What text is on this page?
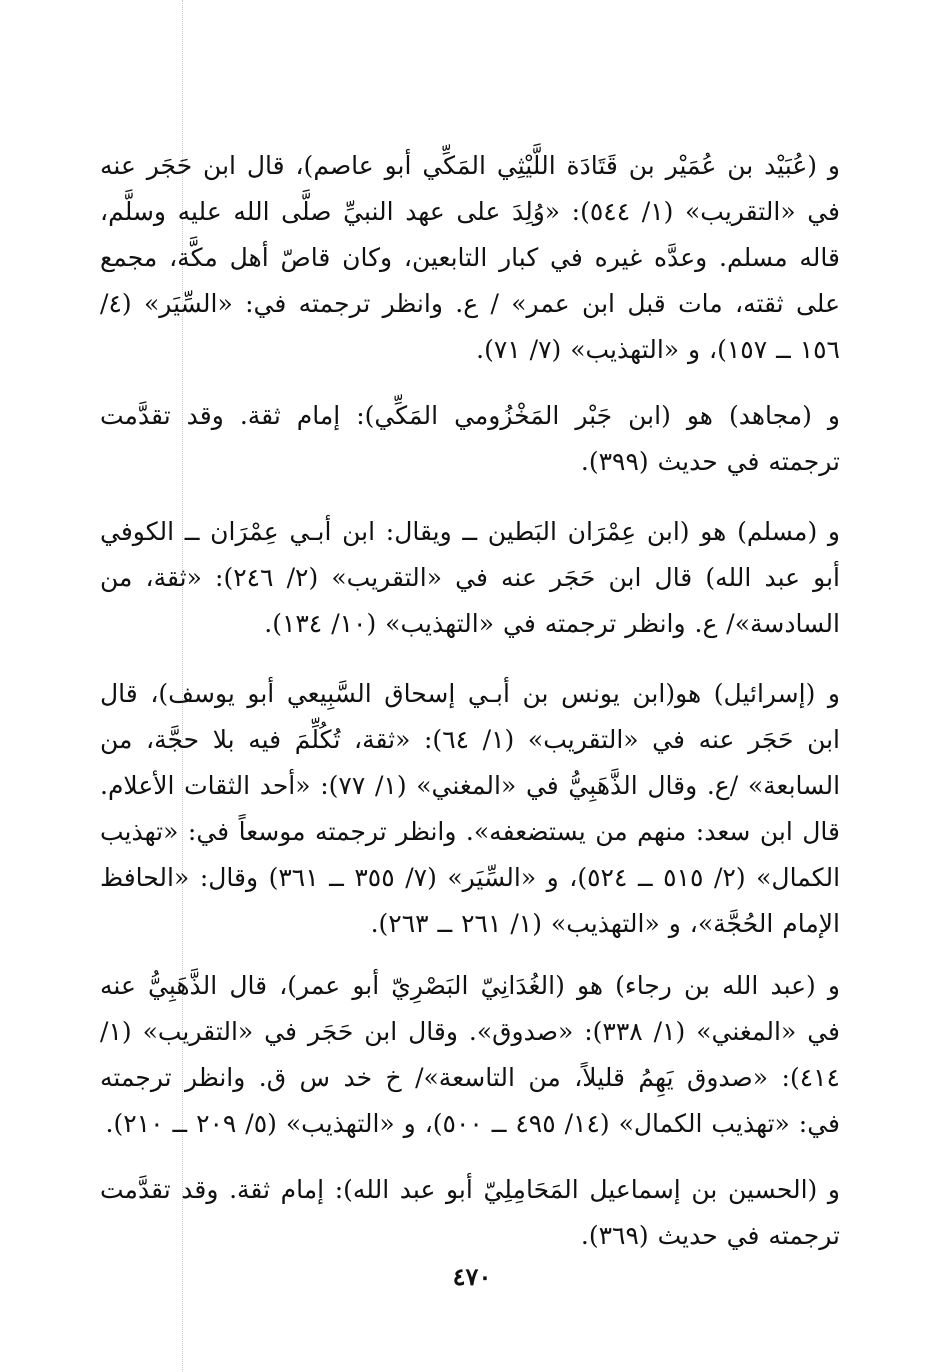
و (عُبَيْد بن عُمَيْر بن قَتَادَة اللَّيْثِي المَكِّي أبو عاصم)، قال ابن حَجَر عنه في «التقريب» (١/ ٥٤٤): «وُلِدَ على عهد النبيِّ صلَّى الله عليه وسلَّم، قاله مسلم. وعدَّه غيره في كبار التابعين، وكان قاصّ أهل مكَّة، مجمع على ثقته، مات قبل ابن عمر» / ع. وانظر ترجمته في: «السِّيَر» (٤/ ١٥٦ ــ ١٥٧)، و «التهذيب» (٧/ ٧١).

و (مجاهد) هو (ابن جَبْر المَخْزُومي المَكِّي): إمام ثقة. وقد تقدَّمت ترجمته في حديث (٣٩٩).

و (مسلم) هو (ابن عِمْرَان البَطين ــ ويقال: ابن أبـي عِمْرَان ــ الكوفي أبو عبد الله) قال ابن حَجَر عنه في «التقريب» (٢/ ٢٤٦): «ثقة، من السادسة»/ ع. وانظر ترجمته في «التهذيب» (١٠/ ١٣٤).

و (إسرائيل) هو(ابن يونس بن أبـي إسحاق السَّبِيعي أبو يوسف)، قال ابن حَجَر عنه في «التقريب» (١/ ٦٤): «ثقة، تُكُلِّمَ فيه بلا حجَّة، من السابعة» /ع. وقال الذَّهَبِيُّ في «المغني» (١/ ٧٧): «أحد الثقات الأعلام. قال ابن سعد: منهم من يستضعفه». وانظر ترجمته موسعاً في: «تهذيب الكمال» (٢/ ٥١٥ ــ ٥٢٤)، و «السِّيَر» (٧/ ٣٥٥ ــ ٣٦١) وقال: «الحافظ الإمام الحُجَّة»، و «التهذيب» (١/ ٢٦١ ــ ٢٦٣).

و (عبد الله بن رجاء) هو (الغُدَانِيّ البَصْرِيّ أبو عمر)، قال الذَّهَبِيُّ عنه في «المغني» (١/ ٣٣٨): «صدوق». وقال ابن حَجَر في «التقريب» (١/ ٤١٤): «صدوق يَهِمُ قليلاً، من التاسعة»/ خ خد س ق. وانظر ترجمته في: «تهذيب الكمال» (١٤/ ٤٩٥ ــ ٥٠٠)، و «التهذيب» (٥/ ٢٠٩ ــ ٢١٠).

و (الحسين بن إسماعيل المَحَامِلِيّ أبو عبد الله): إمام ثقة. وقد تقدَّمت ترجمته في حديث (٣٦٩).

٤٧٠
